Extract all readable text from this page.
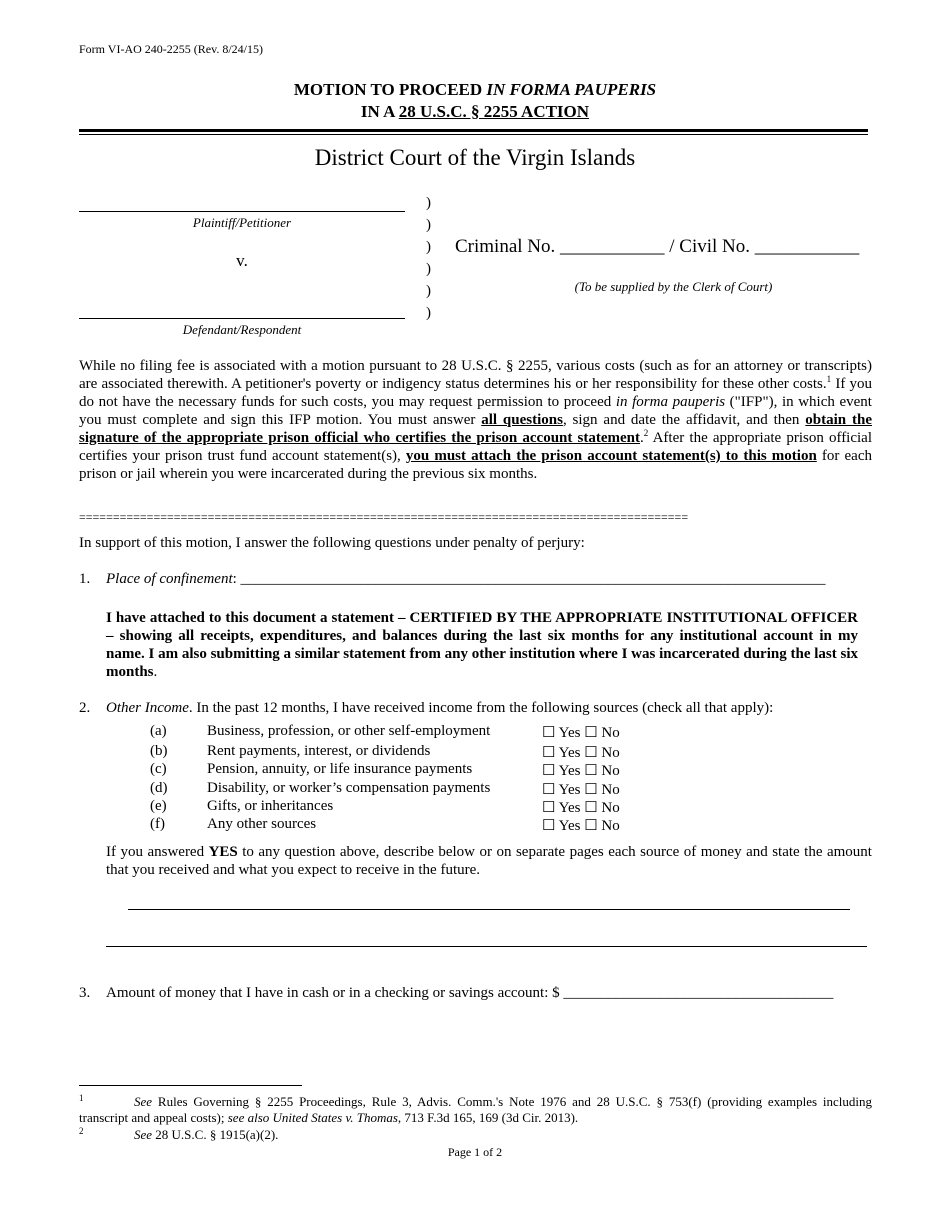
Form VI-AO 240-2255 (Rev. 8/24/15)
MOTION TO PROCEED IN FORMA PAUPERIS
IN A 28 U.S.C. § 2255 ACTION
District Court of the Virgin Islands
Plaintiff/Petitioner
v.
Defendant/Respondent
)
)
)
)
)
)
Criminal No. ___________ / Civil No. ___________
(To be supplied by the Clerk of Court)
While no filing fee is associated with a motion pursuant to 28 U.S.C. § 2255, various costs (such as for an attorney or transcripts) are associated therewith. A petitioner's poverty or indigency status determines his or her responsibility for these other costs.$^1$ If you do not have the necessary funds for such costs, you may request permission to proceed in forma pauperis ("IFP"), in which event you must complete and sign this IFP motion. You must answer all questions, sign and date the affidavit, and then obtain the signature of the appropriate prison official who certifies the prison account statement.$^2$ After the appropriate prison official certifies your prison trust fund account statement(s), you must attach the prison account statement(s) to this motion for each prison or jail wherein you were incarcerated during the previous six months.
==========================================================================================
In support of this motion, I answer the following questions under penalty of perjury:
1. Place of confinement: ______________________________________________________________________________
I have attached to this document a statement – CERTIFIED BY THE APPROPRIATE INSTITUTIONAL OFFICER – showing all receipts, expenditures, and balances during the last six months for any institutional account in my name. I am also submitting a similar statement from any other institution where I was incarcerated during the last six months.
2. Other Income. In the past 12 months, I have received income from the following sources (check all that apply):
(a)	Business, profession, or other self-employment	☐ Yes ☐ No
(b)	Rent payments, interest, or dividends	☐ Yes ☐ No
(c)	Pension, annuity, or life insurance payments	☐ Yes ☐ No
(d)	Disability, or worker’s compensation payments	☐ Yes ☐ No
(e)	Gifts, or inheritances	☐ Yes ☐ No
(f)	Any other sources	☐ Yes ☐ No
If you answered YES to any question above, describe below or on separate pages each source of money and state the amount that you received and what you expect to receive in the future.
3. Amount of money that I have in cash or in a checking or savings account: $ ____________________________________
1	See Rules Governing § 2255 Proceedings, Rule 3, Advis. Comm.'s Note 1976 and 28 U.S.C. § 753(f) (providing examples including transcript and appeal costs); see also United States v. Thomas, 713 F.3d 165, 169 (3d Cir. 2013).
2	See 28 U.S.C. § 1915(a)(2).
Page 1 of 2
